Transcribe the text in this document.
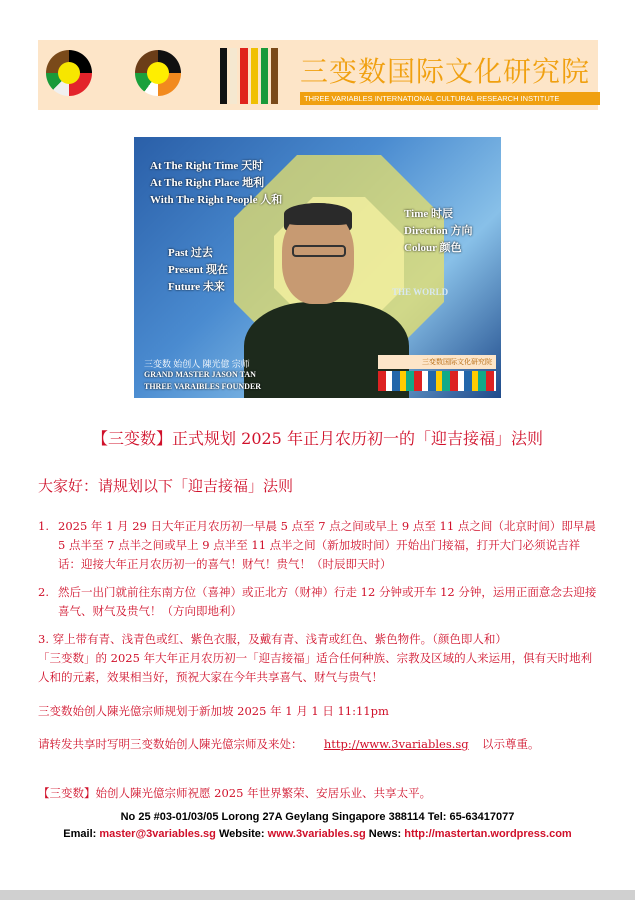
三变数国际文化研究院
THREE VARIABLES INTERNATIONAL CULTURAL RESEARCH INSTITUTE
THE WORLD
At The Right Time 天时
At The Right Place 地利
With The Right People 人和
Time 时辰
Direction 方向
Colour 颜色
Past 过去
Present 现在
Future 未来
三变数 始创人 陳光億 宗师
GRAND MASTER JASON TAN
THREE VARAIBLES FOUNDER
三变数国际文化研究院
【三变数】正式规划 2025 年正月农历初一的「迎吉接福」法则
大家好：请规划以下「迎吉接福」法则
1. 2025 年 1 月 29 日大年正月农历初一早晨 5 点至 7 点之间或早上 9 点至 11 点之间（北京时间）即早晨 5 点半至 7 点半之间或早上 9 点半至 11 点半之间（新加坡时间）开始出门接福，打开大门必须说吉祥话：迎接大年正月农历初一的喜气！财气！贵气！（时辰即天时）
2. 然后一出门就前往东南方位（喜神）或正北方（财神）行走 12 分钟或开车 12 分钟，运用正面意念去迎接喜气、财气及贵气！（方向即地利）
3. 穿上带有青、浅青色或红、紫色衣服，及戴有青、浅青或红色、紫色物件。（颜色即人和）
「三变数」的 2025 年大年正月农历初一「迎吉接福」适合任何种族、宗教及区域的人来运用，俱有天时地利人和的元素，效果相当好，预祝大家在今年共享喜气、财气与贵气！
三变数始创人陳光億宗师规划于新加坡 2025 年 1 月 1 日 11:11pm
请转发共享时写明三变数始创人陳光億宗师及来处： http://www.3variables.sg 以示尊重。
【三变数】始创人陳光億宗师祝愿 2025 年世界繁荣、安居乐业、共享太平。
No 25 #03-01/03/05 Lorong 27A Geylang Singapore 388114 Tel: 65-63417077
Email: master@3variables.sg Website: www.3variables.sg News: http://mastertan.wordpress.com
